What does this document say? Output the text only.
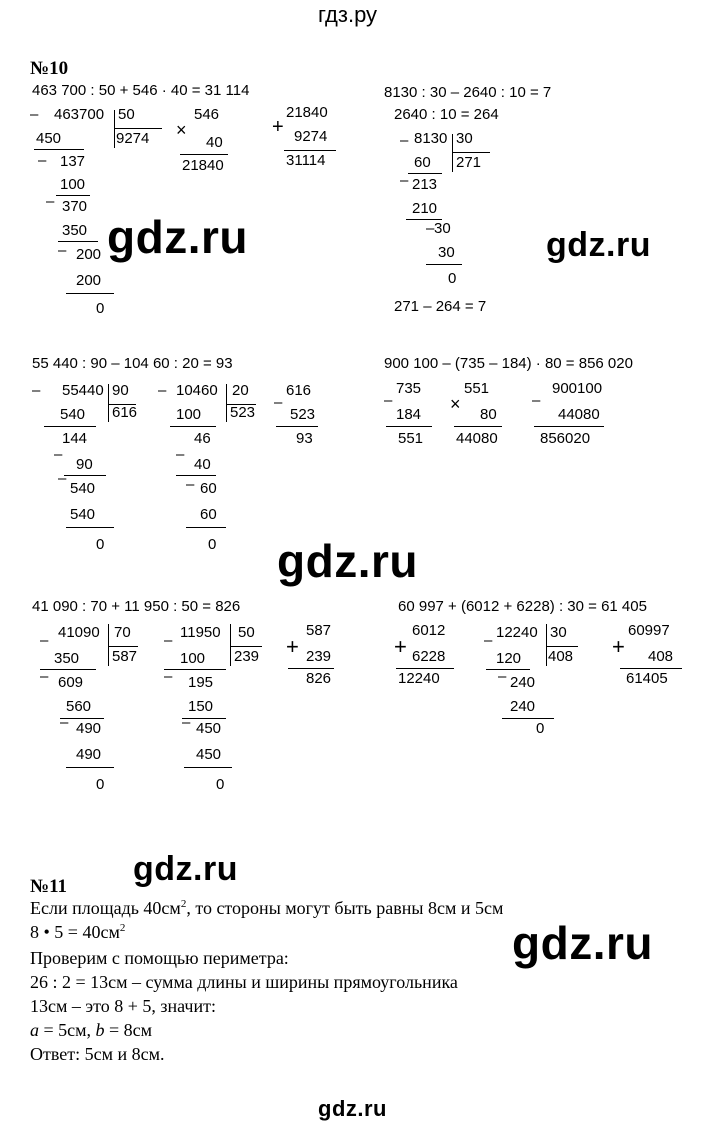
гдз.ру
gdz.ru	gdz.ru
gdz.ru
gdz.ru
gdz.ru
№10
463 700 : 50 + 546 · 40 = 31 114
– 463700 50
9274
450
– 137
100
– 370
350
– 200
200
0
546
×
40
21840
21840
+ 9274
31114
8130 : 30 – 2640 : 10 = 7
2640 : 10 = 264
– 8130 30
271
60
– 213
210
– 30
30
0
271 – 264 = 7
55 440 : 90 – 104 60 : 20 = 93
– 55440 90
616
540
144
–
90
–
540
540
0
– 10460 20
523
100
46
–
40
– 60
60
0
616
–
523
93
900 100 – (735 – 184) · 80 = 856 020
735
–
184
551
551
×
80
44080
900100
–
44080
856020
41 090 : 70 + 11 950 : 50 = 826
– 41090 70
587
350
– 609
560
– 490
490
0
– 11950 50
239
100
– 195
150
– 450
450
0
587
+ 239
826
60 997 + (6012 + 6228) : 30 = 61 405
6012
+ 6228
12240
– 12240 30
408
120
– 240
240
0
60997
+ 408
61405
№11
Если площадь $40см^2$, то стороны могут быть равны 8см и 5см
8 • $5 = 40см^2$
Проверим с помощью периметра:
26 : 2 = 13см – сумма длины и ширины прямоугольника
13см – это 8 + 5, значит:
a = 5см, b = 8см
Ответ: 5см и 8см.
gdz.ru
